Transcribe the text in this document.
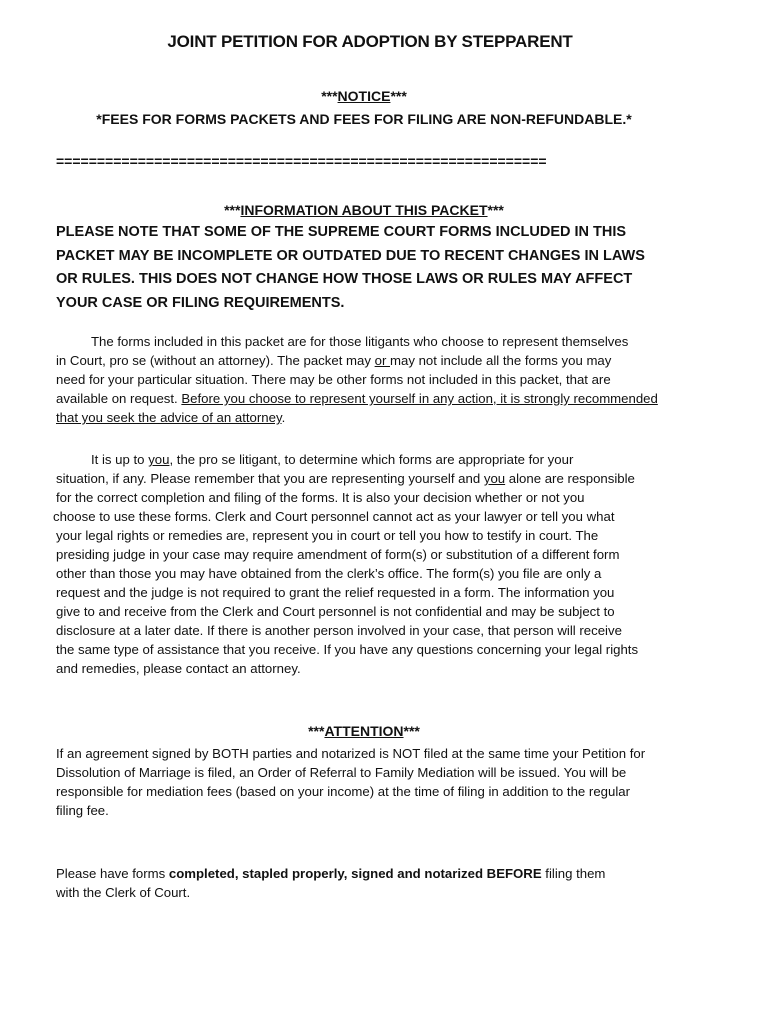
JOINT PETITION FOR ADOPTION BY STEPPARENT
***NOTICE***
*FEES FOR FORMS PACKETS AND FEES FOR FILING ARE NON-REFUNDABLE.*
============================================================
***INFORMATION ABOUT THIS PACKET***
PLEASE NOTE THAT SOME OF THE SUPREME COURT FORMS INCLUDED IN THIS
PACKET MAY BE INCOMPLETE OR OUTDATED DUE TO RECENT CHANGES IN LAWS
OR RULES. THIS DOES NOT CHANGE HOW THOSE LAWS OR RULES MAY AFFECT
YOUR CASE OR FILING REQUIREMENTS.
The forms included in this packet are for those litigants who choose to represent themselves
in Court, pro se (without an attorney). The packet may or may not include all the forms you may
need for your particular situation. There may be other forms not included in this packet, that are
available on request. Before you choose to represent yourself in any action, it is strongly recommended
that you seek the advice of an attorney.
It is up to you, the pro se litigant, to determine which forms are appropriate for your
situation, if any. Please remember that you are representing yourself and you alone are responsible
for the correct completion and filing of the forms. It is also your decision whether or not you
choose to use these forms. Clerk and Court personnel cannot act as your lawyer or tell you what
your legal rights or remedies are, represent you in court or tell you how to testify in court. The
presiding judge in your case may require amendment of form(s) or substitution of a different form
other than those you may have obtained from the clerk’s office. The form(s) you file are only a
request and the judge is not required to grant the relief requested in a form. The information you
give to and receive from the Clerk and Court personnel is not confidential and may be subject to
disclosure at a later date. If there is another person involved in your case, that person will receive
the same type of assistance that you receive. If you have any questions concerning your legal rights
and remedies, please contact an attorney.
***ATTENTION***
If an agreement signed by BOTH parties and notarized is NOT filed at the same time your Petition for
Dissolution of Marriage is filed, an Order of Referral to Family Mediation will be issued. You will be
responsible for mediation fees (based on your income) at the time of filing in addition to the regular
filing fee.
Please have forms completed, stapled properly, signed and notarized BEFORE filing them
with the Clerk of Court.
